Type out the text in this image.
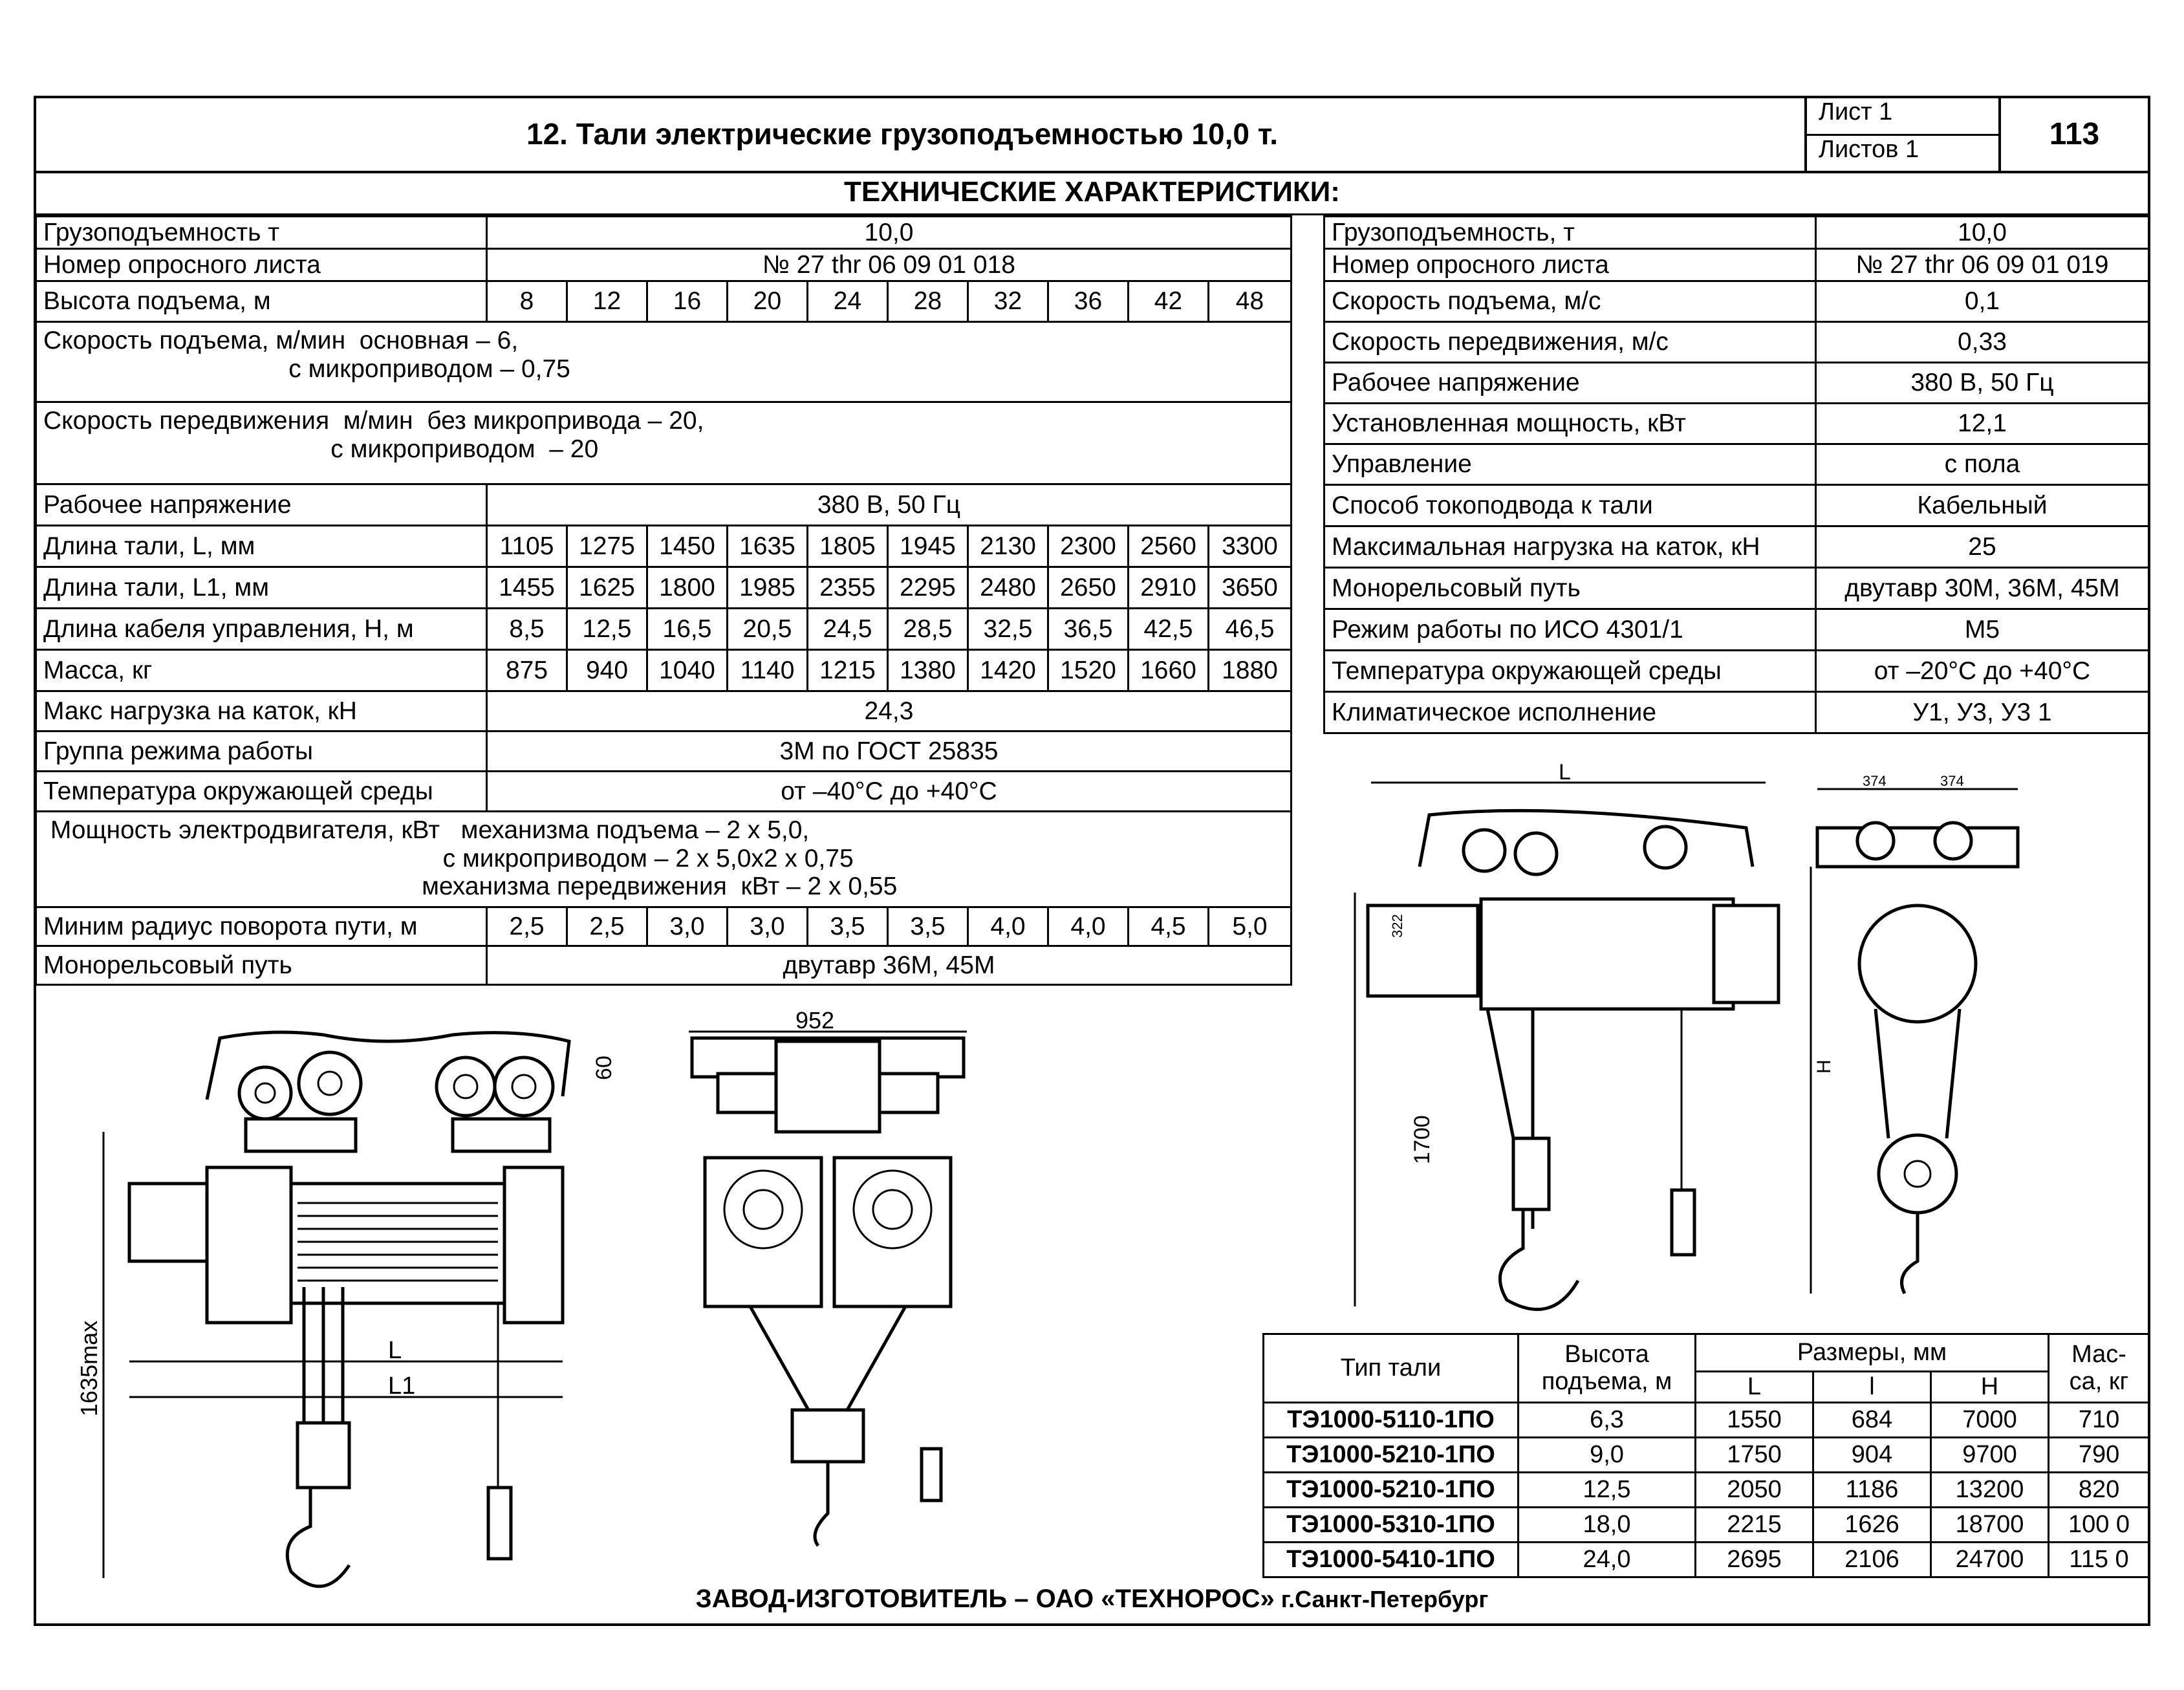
12. Тали электрические грузоподъемностью 10,0 т.
Лист 1
Листов 1	113
ТЕХНИЧЕСКИЕ ХАРАКТЕРИСТИКИ:
Грузоподъемность т	10,0									
Номер опросного листа	№ 27 thr 06 09 01 018									
Высота подъема, м	8	12	16	20	24	28	32	36	42	48
Скорость подъема, м/мин  основная – 6,
с микроприводом – 0,75										
Скорость передвижения  м/мин  без микропривода – 20,
с микроприводом  – 20										
Рабочее напряжение	380 В, 50 Гц									
Длина тали, L, мм	1105	1275	1450	1635	1805	1945	2130	2300	2560	3300
Длина тали, L1, мм	1455	1625	1800	1985	2355	2295	2480	2650	2910	3650
Длина кабеля управления, Н, м	8,5	12,5	16,5	20,5	24,5	28,5	32,5	36,5	42,5	46,5
Масса, кг	875	940	1040	1140	1215	1380	1420	1520	1660	1880
Макс нагрузка на каток, кН	24,3									
Группа режима работы	3М по ГОСТ 25835									
Температура окружающей среды	от –40°С до +40°С									
Мощность электродвигателя, кВт   механизма подъема – 2 х 5,0,
с микроприводом – 2 х 5,0х2 х 0,75
механизма передвижения  кВт – 2 х 0,55										
Миним радиус поворота пути, м	2,5	2,5	3,0	3,0	3,5	3,5	4,0	4,0	4,5	5,0
Монорельсовый путь	двутавр 36М, 45М									
Грузоподъемность, т	10,0
Номер опросного листа	№ 27 thr 06 09 01 019
Скорость подъема, м/с	0,1
Скорость передвижения, м/с	0,33
Рабочее напряжение	380 В, 50 Гц
Установленная мощность, кВт	12,1
Управление	с пола
Способ токоподвода к тали	Кабельный
Максимальная нагрузка на каток, кН	25
Монорельсовый путь	двутавр 30М, 36М, 45М
Режим работы по ИСО 4301/1	М5
Температура окружающей среды	от –20°С до +40°С
Климатическое исполнение	У1, У3, У3 1
L
L1
1635max
60
952
L
1700
322
374	374
H
Тип тали	Высота подъема, м	Размеры, мм			Мас-са, кг
		L	l	Н	
ТЭ1000-5110-1ПО	6,3	1550	684	7000	710
ТЭ1000-5210-1ПО	9,0	1750	904	9700	790
ТЭ1000-5210-1ПО	12,5	2050	1186	13200	820
ТЭ1000-5310-1ПО	18,0	2215	1626	18700	100 0
ТЭ1000-5410-1ПО	24,0	2695	2106	24700	115 0
ЗАВОД-ИЗГОТОВИТЕЛЬ – ОАО «ТЕХНОРОС» г.Санкт-Петербург
